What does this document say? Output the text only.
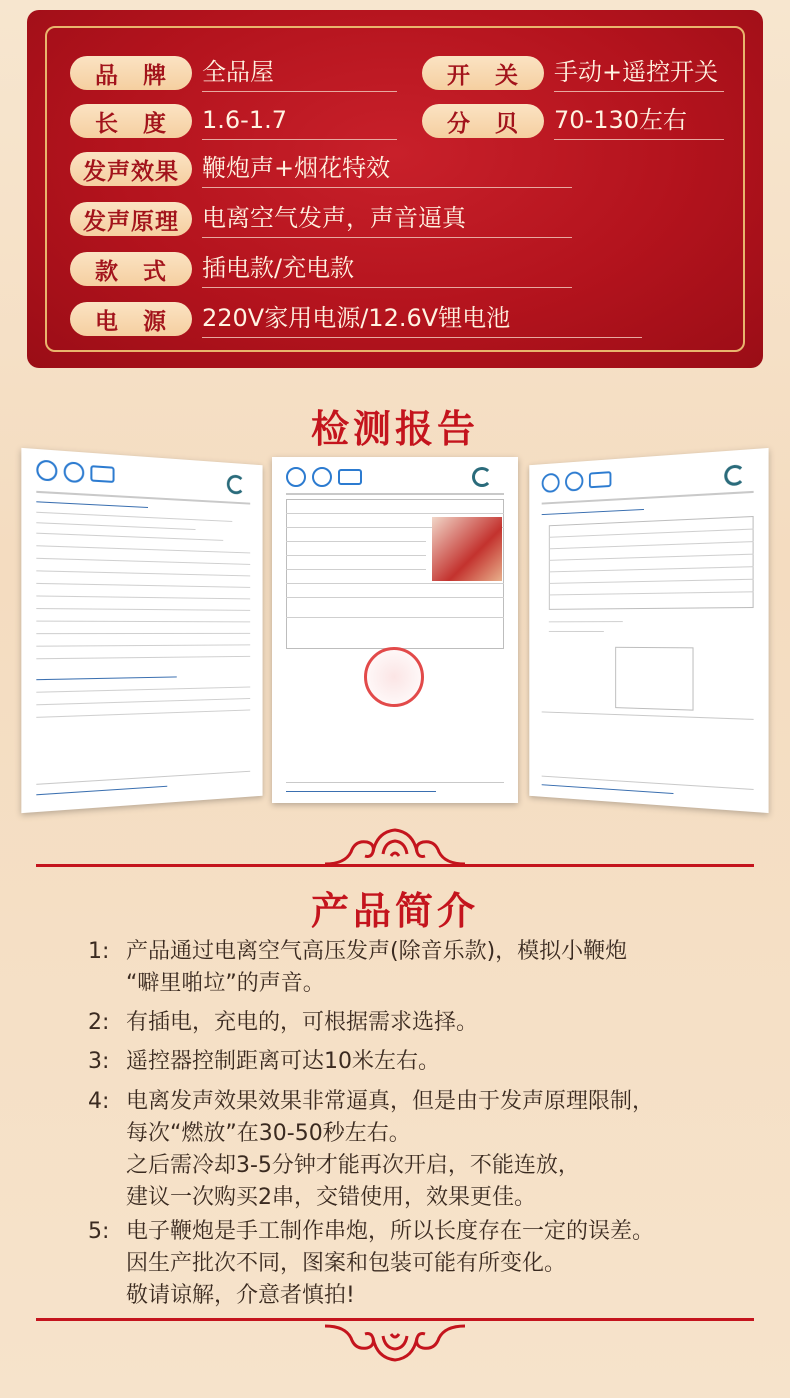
品　牌	全品屋	开　关	手动+遥控开关
长　度	1.6-1.7	分　贝	70-130左右
发声效果 鞭炮声+烟花特效
发声原理 电离空气发声，声音逼真
款　式	插电款/充电款
电　源	220V家用电源/12.6V锂电池
检测报告
产品简介
1: 产品通过电离空气高压发声(除音乐款)，模拟小鞭炮
“噼里啪垃”的声音。
2: 有插电，充电的，可根据需求选择。
3: 遥控器控制距离可达10米左右。
4: 电离发声效果效果非常逼真，但是由于发声原理限制，
每次“燃放”在30-50秒左右。
之后需冷却3-5分钟才能再次开启，不能连放，
建议一次购买2串，交错使用，效果更佳。
5: 电子鞭炮是手工制作串炮，所以长度存在一定的误差。
因生产批次不同，图案和包装可能有所变化。
敬请谅解，介意者慎拍!
